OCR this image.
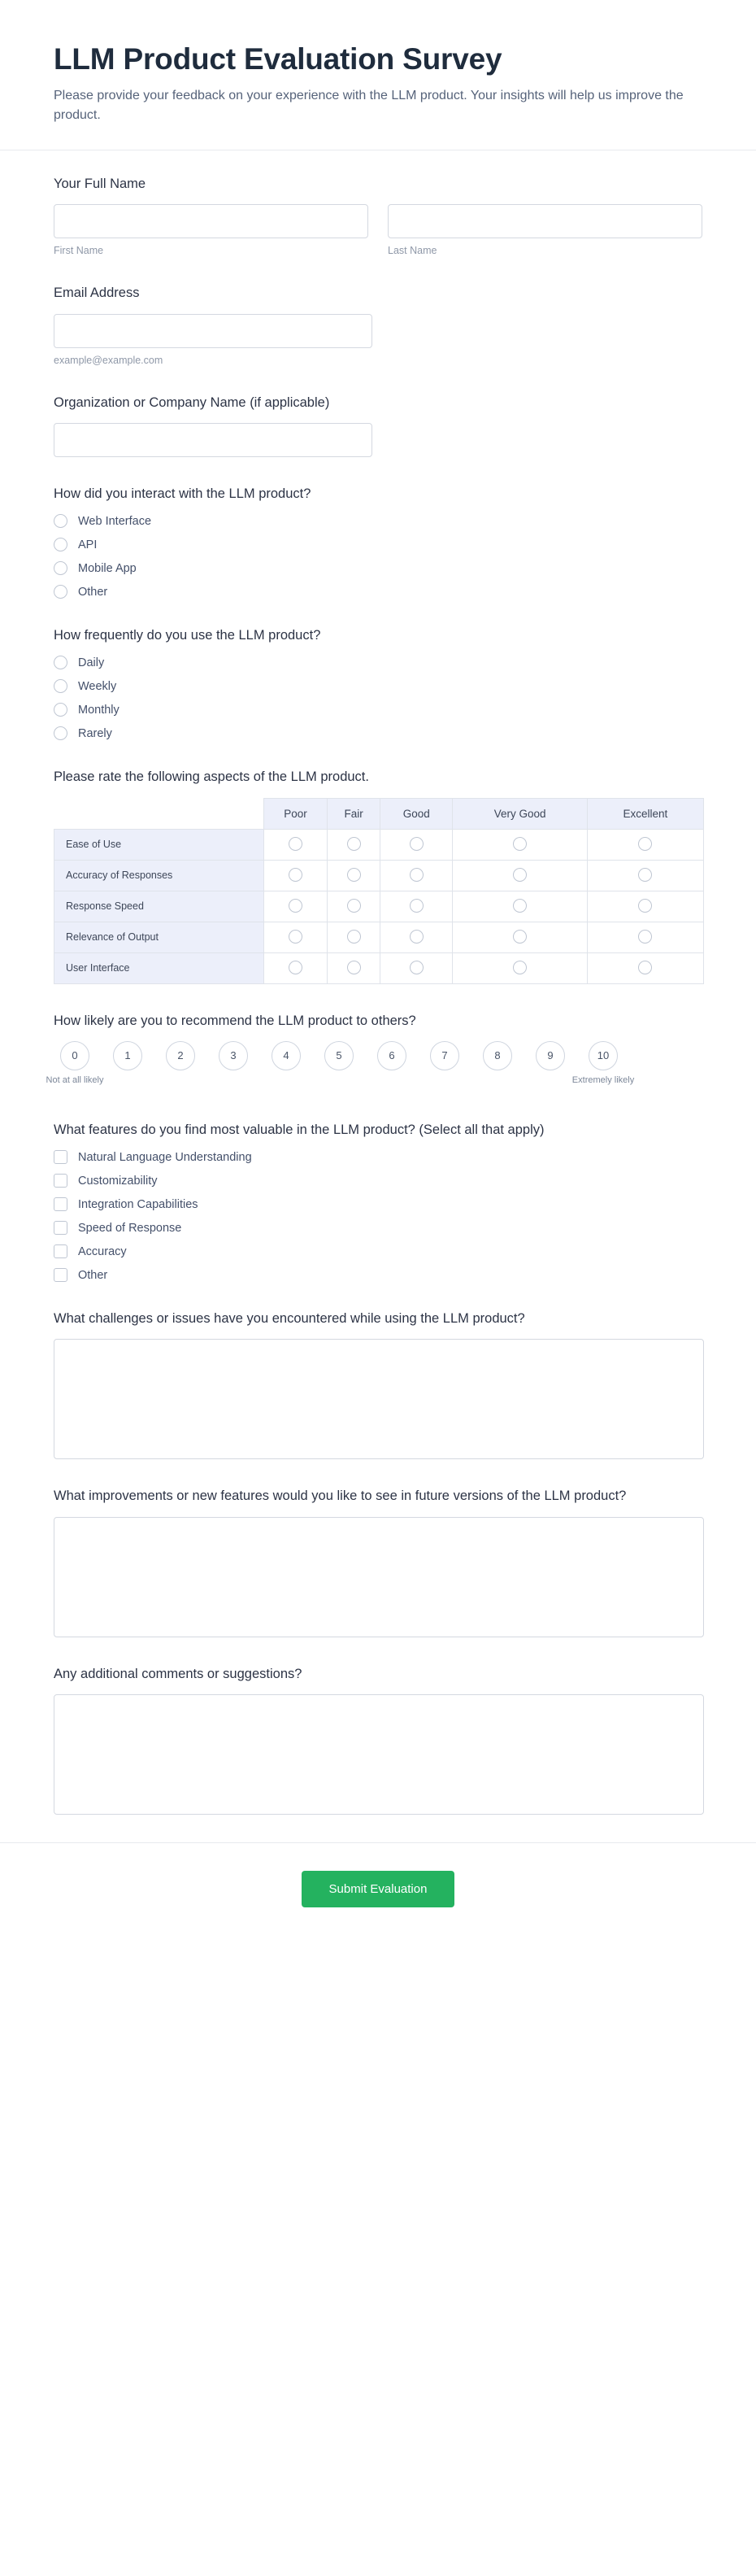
LLM Product Evaluation Survey

Please provide your feedback on your experience with the LLM product. Your insights will help us improve the product.

Your Full Name
First Name	Last Name
Email Address
example@example.com
Organization or Company Name (if applicable)
How did you interact with the LLM product?
Web Interface
API
Mobile App
Other
How frequently do you use the LLM product?
Daily
Weekly
Monthly
Rarely
Please rate the following aspects of the LLM product.
	Poor	Fair	Good	Very Good	Excellent
Ease of Use					
Accuracy of Responses					
Response Speed					
Relevance of Output					
User Interface					
How likely are you to recommend the LLM product to others?
0
Not at all likely
1	2	3	4	5	6	7	8	9	10
Extremely likely
What features do you find most valuable in the LLM product? (Select all that apply)
Natural Language Understanding
Customizability
Integration Capabilities
Speed of Response
Accuracy
Other
What challenges or issues have you encountered while using the LLM product?
What improvements or new features would you like to see in future versions of the LLM product?
Any additional comments or suggestions?
Submit Evaluation
